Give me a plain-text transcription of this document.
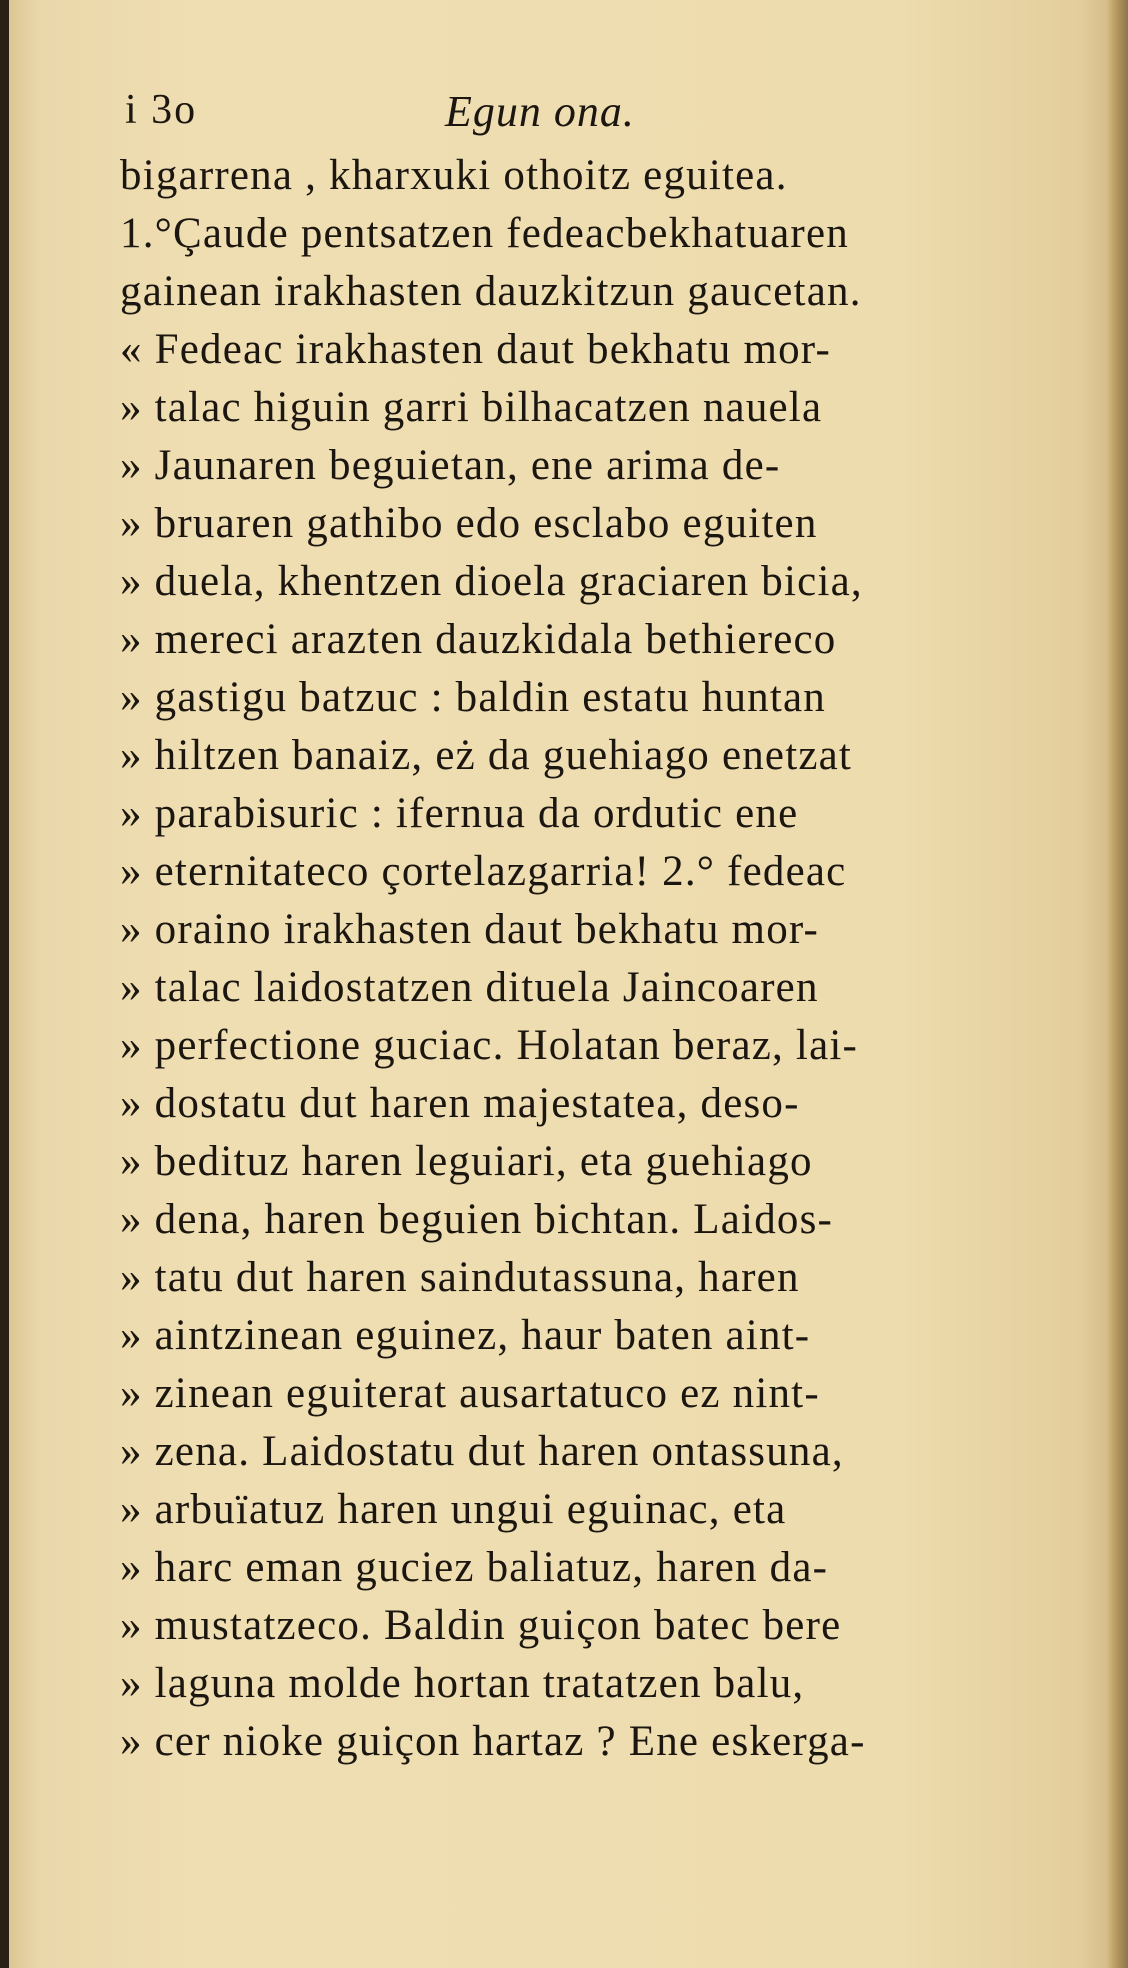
i 3o	Egun ona.
bigarrena , kharxuki othoitz eguitea.
1.°Çaude pentsatzen fedeacbekhatuaren
gainean irakhasten dauzkitzun gaucetan.
« Fedeac irakhasten daut bekhatu mor-
» talac higuin garri bilhacatzen nauela
» Jaunaren beguietan, ene arima de-
» bruaren gathibo edo esclabo eguiten
» duela, khentzen dioela graciaren bicia,
» mereci arazten dauzkidala bethiereco
» gastigu batzuc : baldin estatu huntan
» hiltzen banaiz, eż da guehiago enetzat
» parabisuric : ifernua da ordutic ene
» eternitateco çortelazgarria! 2.° fedeac
» oraino irakhasten daut bekhatu mor-
» talac laidostatzen dituela Jaincoaren
» perfectione guciac. Holatan beraz, lai-
» dostatu dut haren majestatea, deso-
» bedituz haren leguiari, eta guehiago
» dena, haren beguien bichtan. Laidos-
» tatu dut haren saindutassuna, haren
» aintzinean eguinez, haur baten aint-
» zinean eguiterat ausartatuco ez nint-
» zena. Laidostatu dut haren ontassuna,
» arbuïatuz haren ungui eguinac, eta
» harc eman guciez baliatuz, haren da-
» mustatzeco. Baldin guiçon batec bere
» laguna molde hortan tratatzen balu,
» cer nioke guiçon hartaz ? Ene eskerga-
